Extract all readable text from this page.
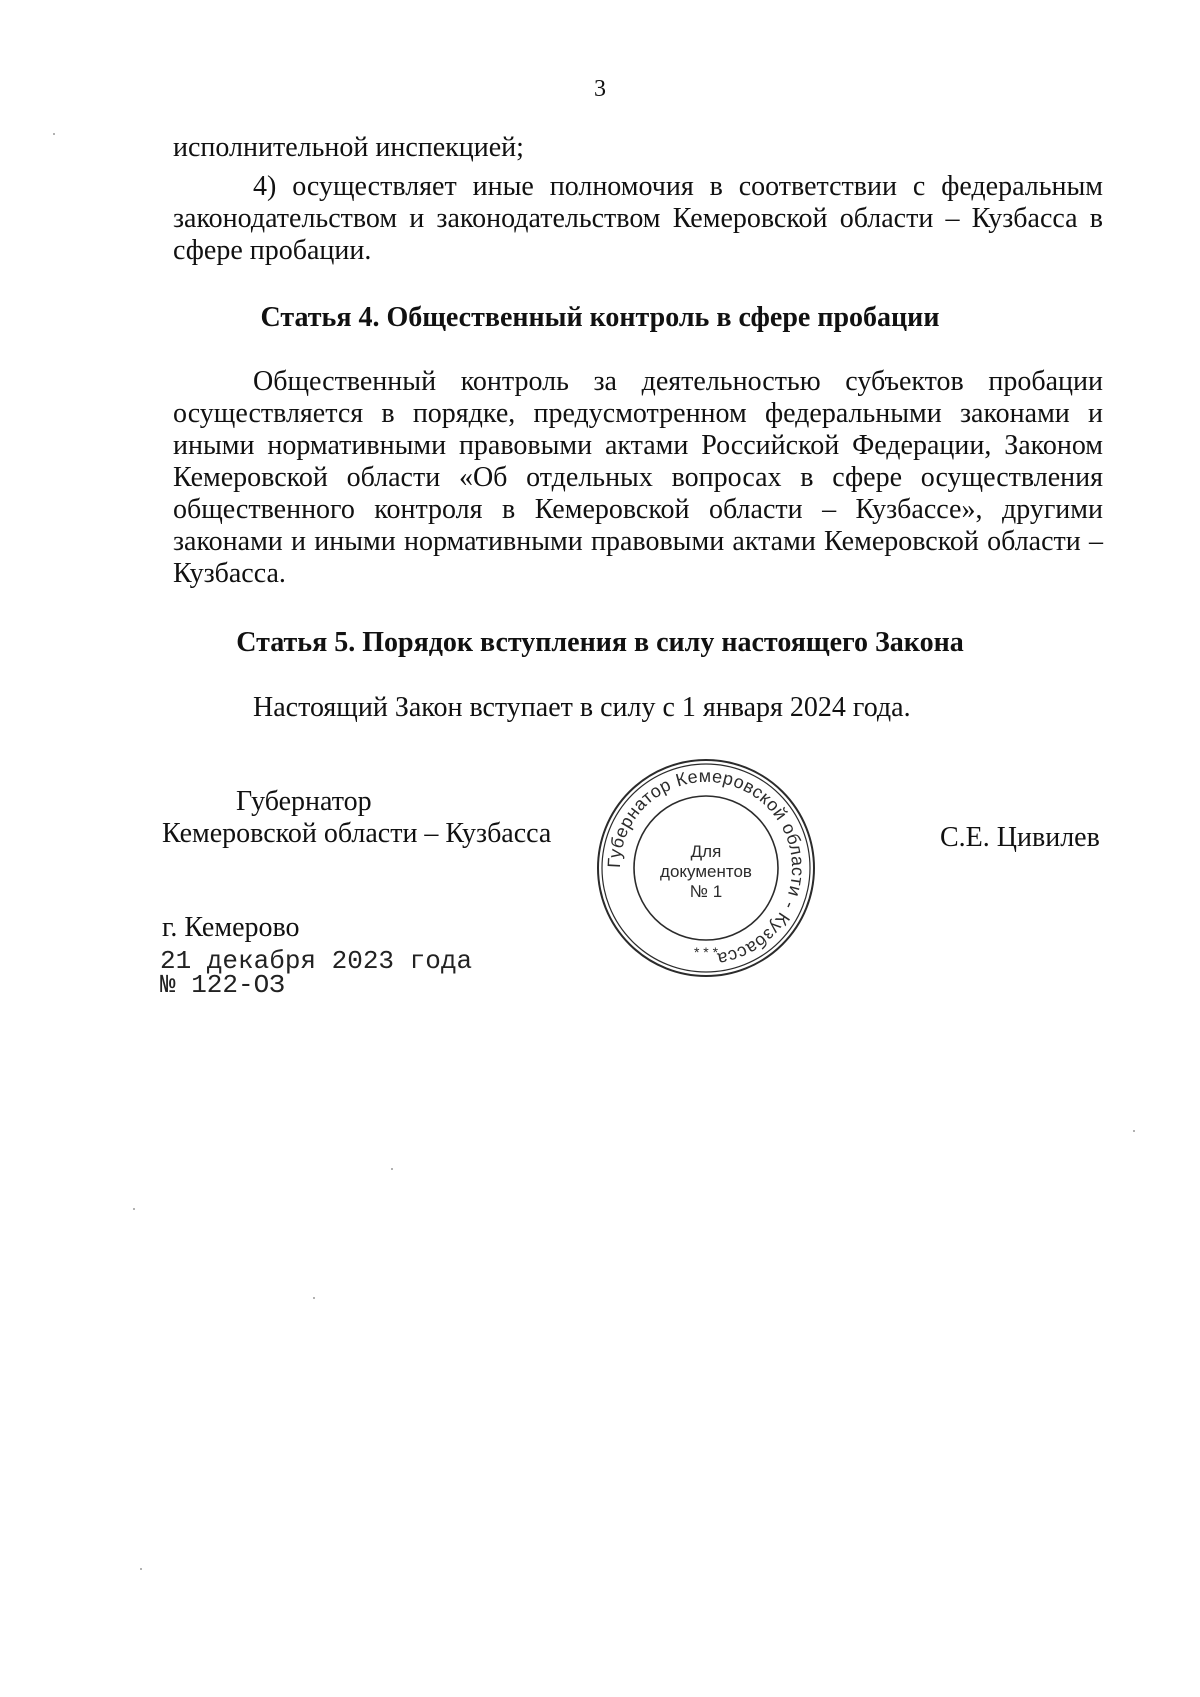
3

исполнительной инспекцией;

4) осуществляет иные полномочия в соответствии с федеральным законодательством и законодательством Кемеровской области – Кузбасса в сфере пробации.

Статья 4. Общественный контроль в сфере пробации

Общественный контроль за деятельностью субъектов пробации осуществляется в порядке, предусмотренном федеральными законами и иными нормативными правовыми актами Российской Федерации, Законом Кемеровской области «Об отдельных вопросах в сфере осуществления общественного контроля в Кемеровской области – Кузбассе», другими законами и иными нормативными правовыми актами Кемеровской области – Кузбасса.

Статья 5. Порядок вступления в силу настоящего Закона

Настоящий Закон вступает в силу с 1 января 2024 года.

Губернатор
Кемеровской области – Кузбасса	С.Е. Цивилев
Губернатор Кемеровской области - Кузбасса
Для
документов
№ 1
* * *
г. Кемерово
21 декабря 2023 года
№ 122-ОЗ
